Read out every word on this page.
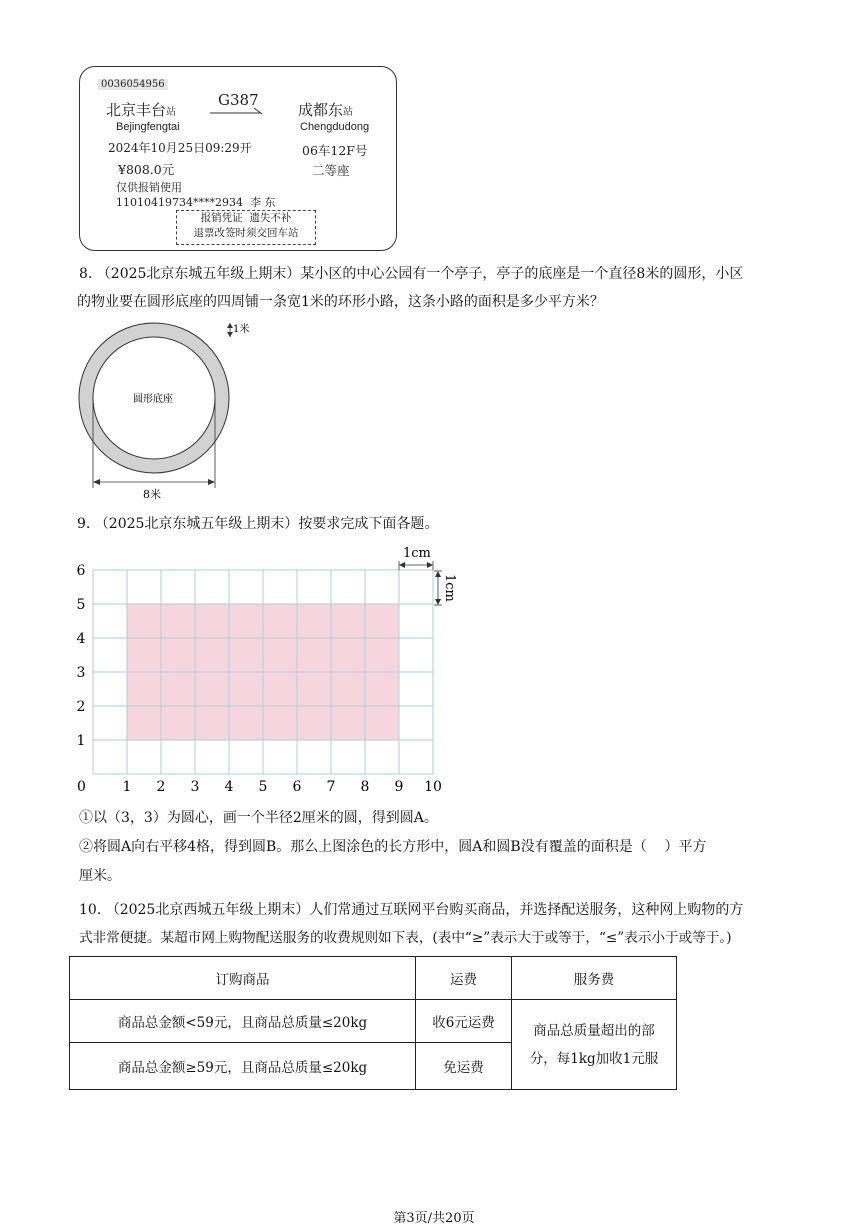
0036054956
北京丰台站
G387
成都东站
Bejingfengtai	Chengdudong
2024年10月25日09:29开	06车12F号
¥808.0元	二等座
仅供报销使用
11010419734****2934  李 东
报销凭证  遗失不补
退票改签时须交回车站
8. （2025北京东城五年级上期末）某小区的中心公园有一个亭子，亭子的底座是一个直径8米的圆形，小区
的物业要在圆形底座的四周铺一条宽1米的环形小路，这条小路的面积是多少平方米？
1米
圆形底座
8米
9. （2025北京东城五年级上期末）按要求完成下面各题。
1 2 3 4 5 6 7 8 9 10
1
2
3
4
5
6
0
1cm
1cm
①以（3，3）为圆心，画一个半径2厘米的圆，得到圆A。
②将圆A向右平移4格，得到圆B。那么上图涂色的长方形中，圆A和圆B没有覆盖的面积是（    ）平方
厘米。
10. （2025北京西城五年级上期末）人们常通过互联网平台购买商品，并选择配送服务，这种网上购物的方
式非常便捷。某超市网上购物配送服务的收费规则如下表，(表中“≥”表示大于或等于，“≤”表示小于或等于。)
订购商品	运费	服务费
商品总金额<59元，且商品总质量≤20kg	收6元运费	商品总质量超出的部
分，每1kg加收1元服

商品总金额≥59元，且商品总质量≤20kg	免运费	
第3页/共20页
